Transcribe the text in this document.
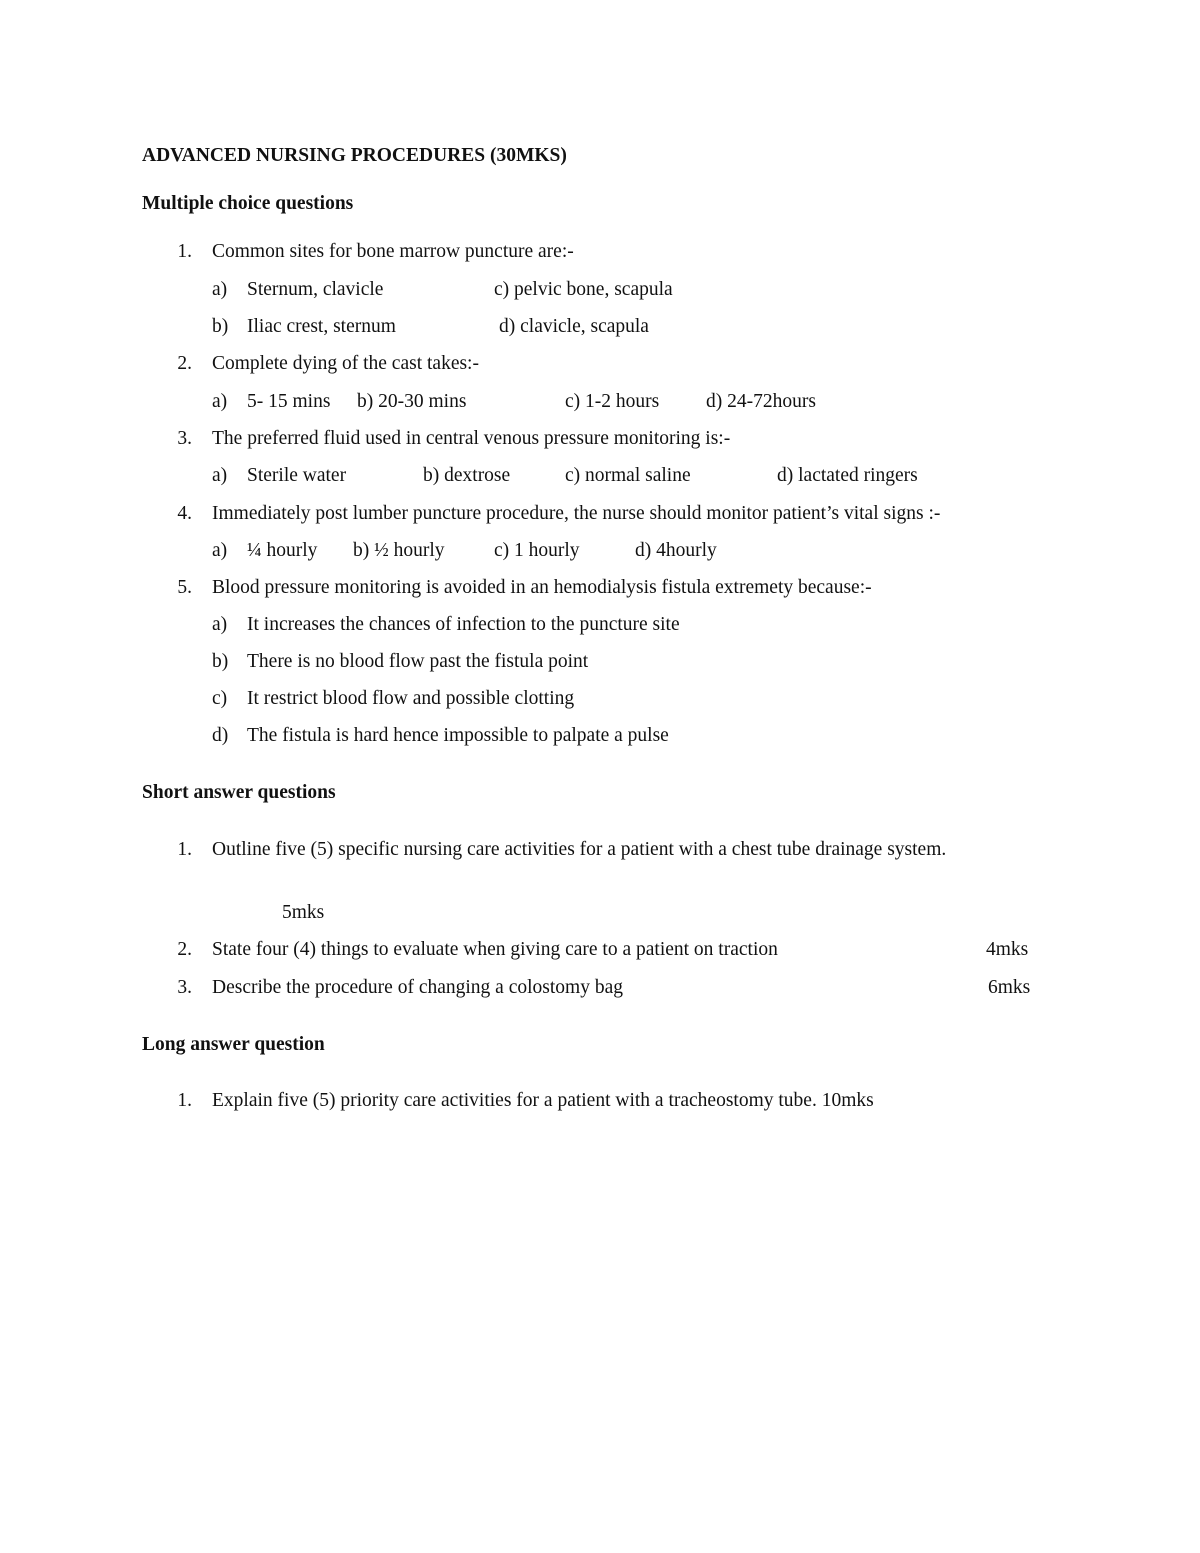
ADVANCED NURSING PROCEDURES (30MKS)
Multiple choice questions
1. Common sites for bone marrow puncture are:-
a) Sternum, clavicle	c) pelvic bone, scapula
b) Iliac crest, sternum	d) clavicle, scapula
2. Complete dying of the cast takes:-
a) 5- 15 mins b) 20-30 mins	c) 1-2 hours d) 24-72hours
3. The preferred fluid used in central venous pressure monitoring is:-
a) Sterile water	b) dextrose	c) normal saline	d) lactated ringers
4. Immediately post lumber puncture procedure, the nurse should monitor patient’s vital signs :-
a) ¼ hourly b) ½ hourly	c) 1 hourly	d) 4hourly
5. Blood pressure monitoring is avoided in an hemodialysis fistula extremety because:-
a) It increases the chances of infection to the puncture site
b) There is no blood flow past the fistula point
c) It restrict blood flow and possible clotting
d) The fistula is hard hence impossible to palpate a pulse
Short answer questions
1. Outline five (5) specific nursing care activities for a patient with a chest tube drainage system.
5mks
2. State four (4) things to evaluate when giving care to a patient on traction	4mks
3. Describe the procedure of changing a colostomy bag	6mks
Long answer question
1. Explain five (5) priority care activities for a patient with a tracheostomy tube. 10mks
